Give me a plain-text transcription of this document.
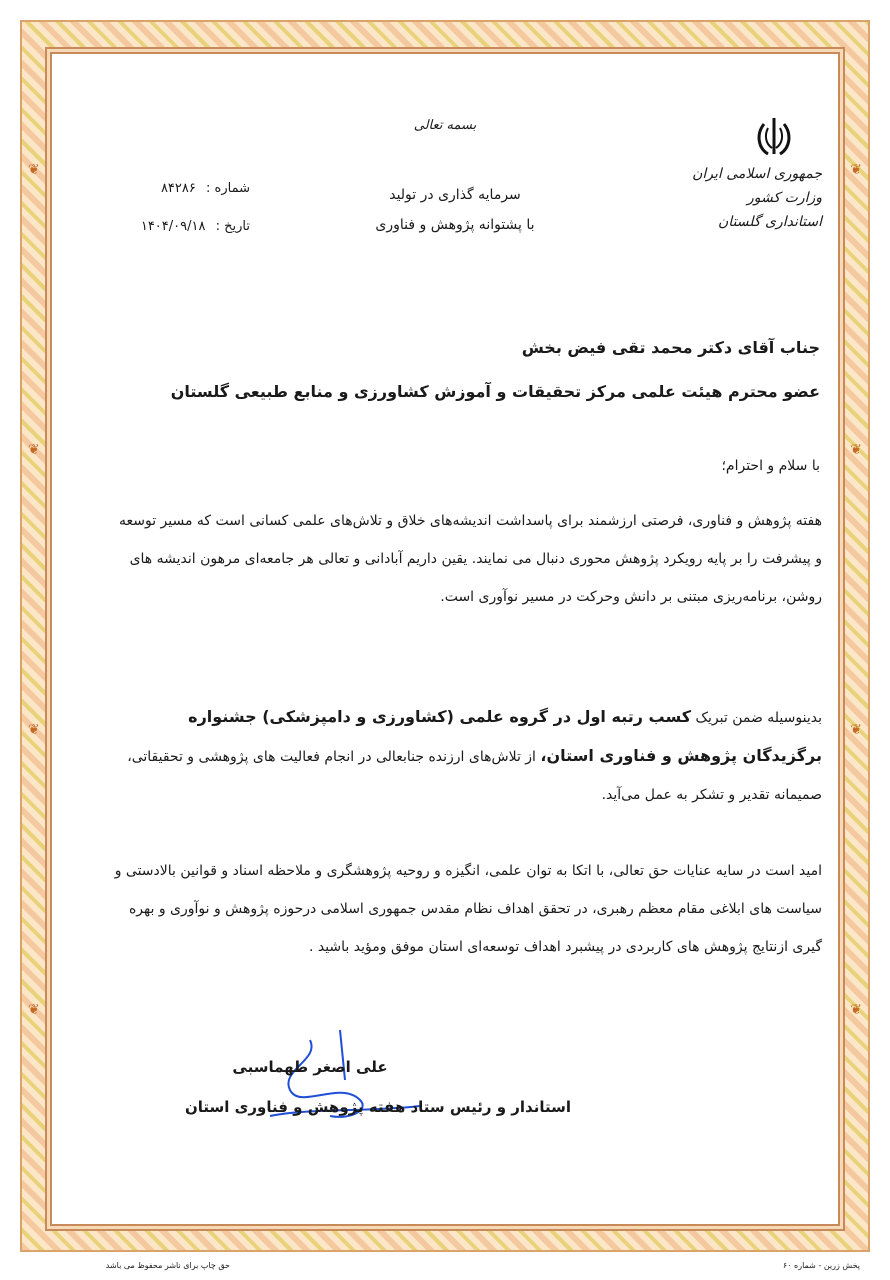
❦
❦
❦
❦
❦
❦
❦
❦
بسمه تعالی
جمهوری اسلامی ایران
وزارت کشور
استانداری گلستان
سرمایه گذاری در تولید
با پشتوانه پژوهش و فناوری
شماره : ۸۴۲۸۶
تاریخ : ۱۴۰۴/۰۹/۱۸
جناب آقای دکتر محمد تقی فیض بخش
عضو محترم هیئت علمی مرکز تحقیقات و آموزش کشاورزی و منابع طبیعی گلستان
با سلام و احترام؛
هفته پژوهش و فناوری، فرصتی ارزشمند برای پاسداشت اندیشه‌های خلاق و تلاش‌های علمی کسانی است که مسیر توسعه و پیشرفت را بر پایه رویکرد پژوهش محوری دنبال می نمایند. یقین داریم آبادانی و تعالی هر جامعه‌ای مرهون اندیشه های روشن، برنامه‌ریزی مبتنی بر دانش وحرکت در مسیر نوآوری است.
بدینوسیله ضمن تبریک کسب رتبه اول در گروه علمی (کشاورزی و دامپزشکی) جشنواره برگزیدگان پژوهش و فناوری استان، از تلاش‌های ارزنده جنابعالی در انجام فعالیت های پژوهشی و تحقیقاتی، صمیمانه تقدیر و تشکر به عمل می‌آید.
امید است در سایه عنایات حق تعالی، با اتکا به توان علمی، انگیزه و روحیه پژوهشگری و ملاحظه اسناد و قوانین بالادستی و سیاست های ابلاغی مقام معظم رهبری، در تحقق اهداف نظام مقدس جمهوری اسلامی درحوزه پژوهش و نوآوری و بهره گیری ازنتایج پژوهش های کاربردی در پیشبرد اهداف توسعه‌ای استان موفق ومؤید باشید .
علی اصغر طهماسبی
استاندار و رئیس ستاد هفته پژوهش و فناوری استان
حق چاپ برای ناشر محفوظ می باشد	پخش زرین - شماره ۶۰
